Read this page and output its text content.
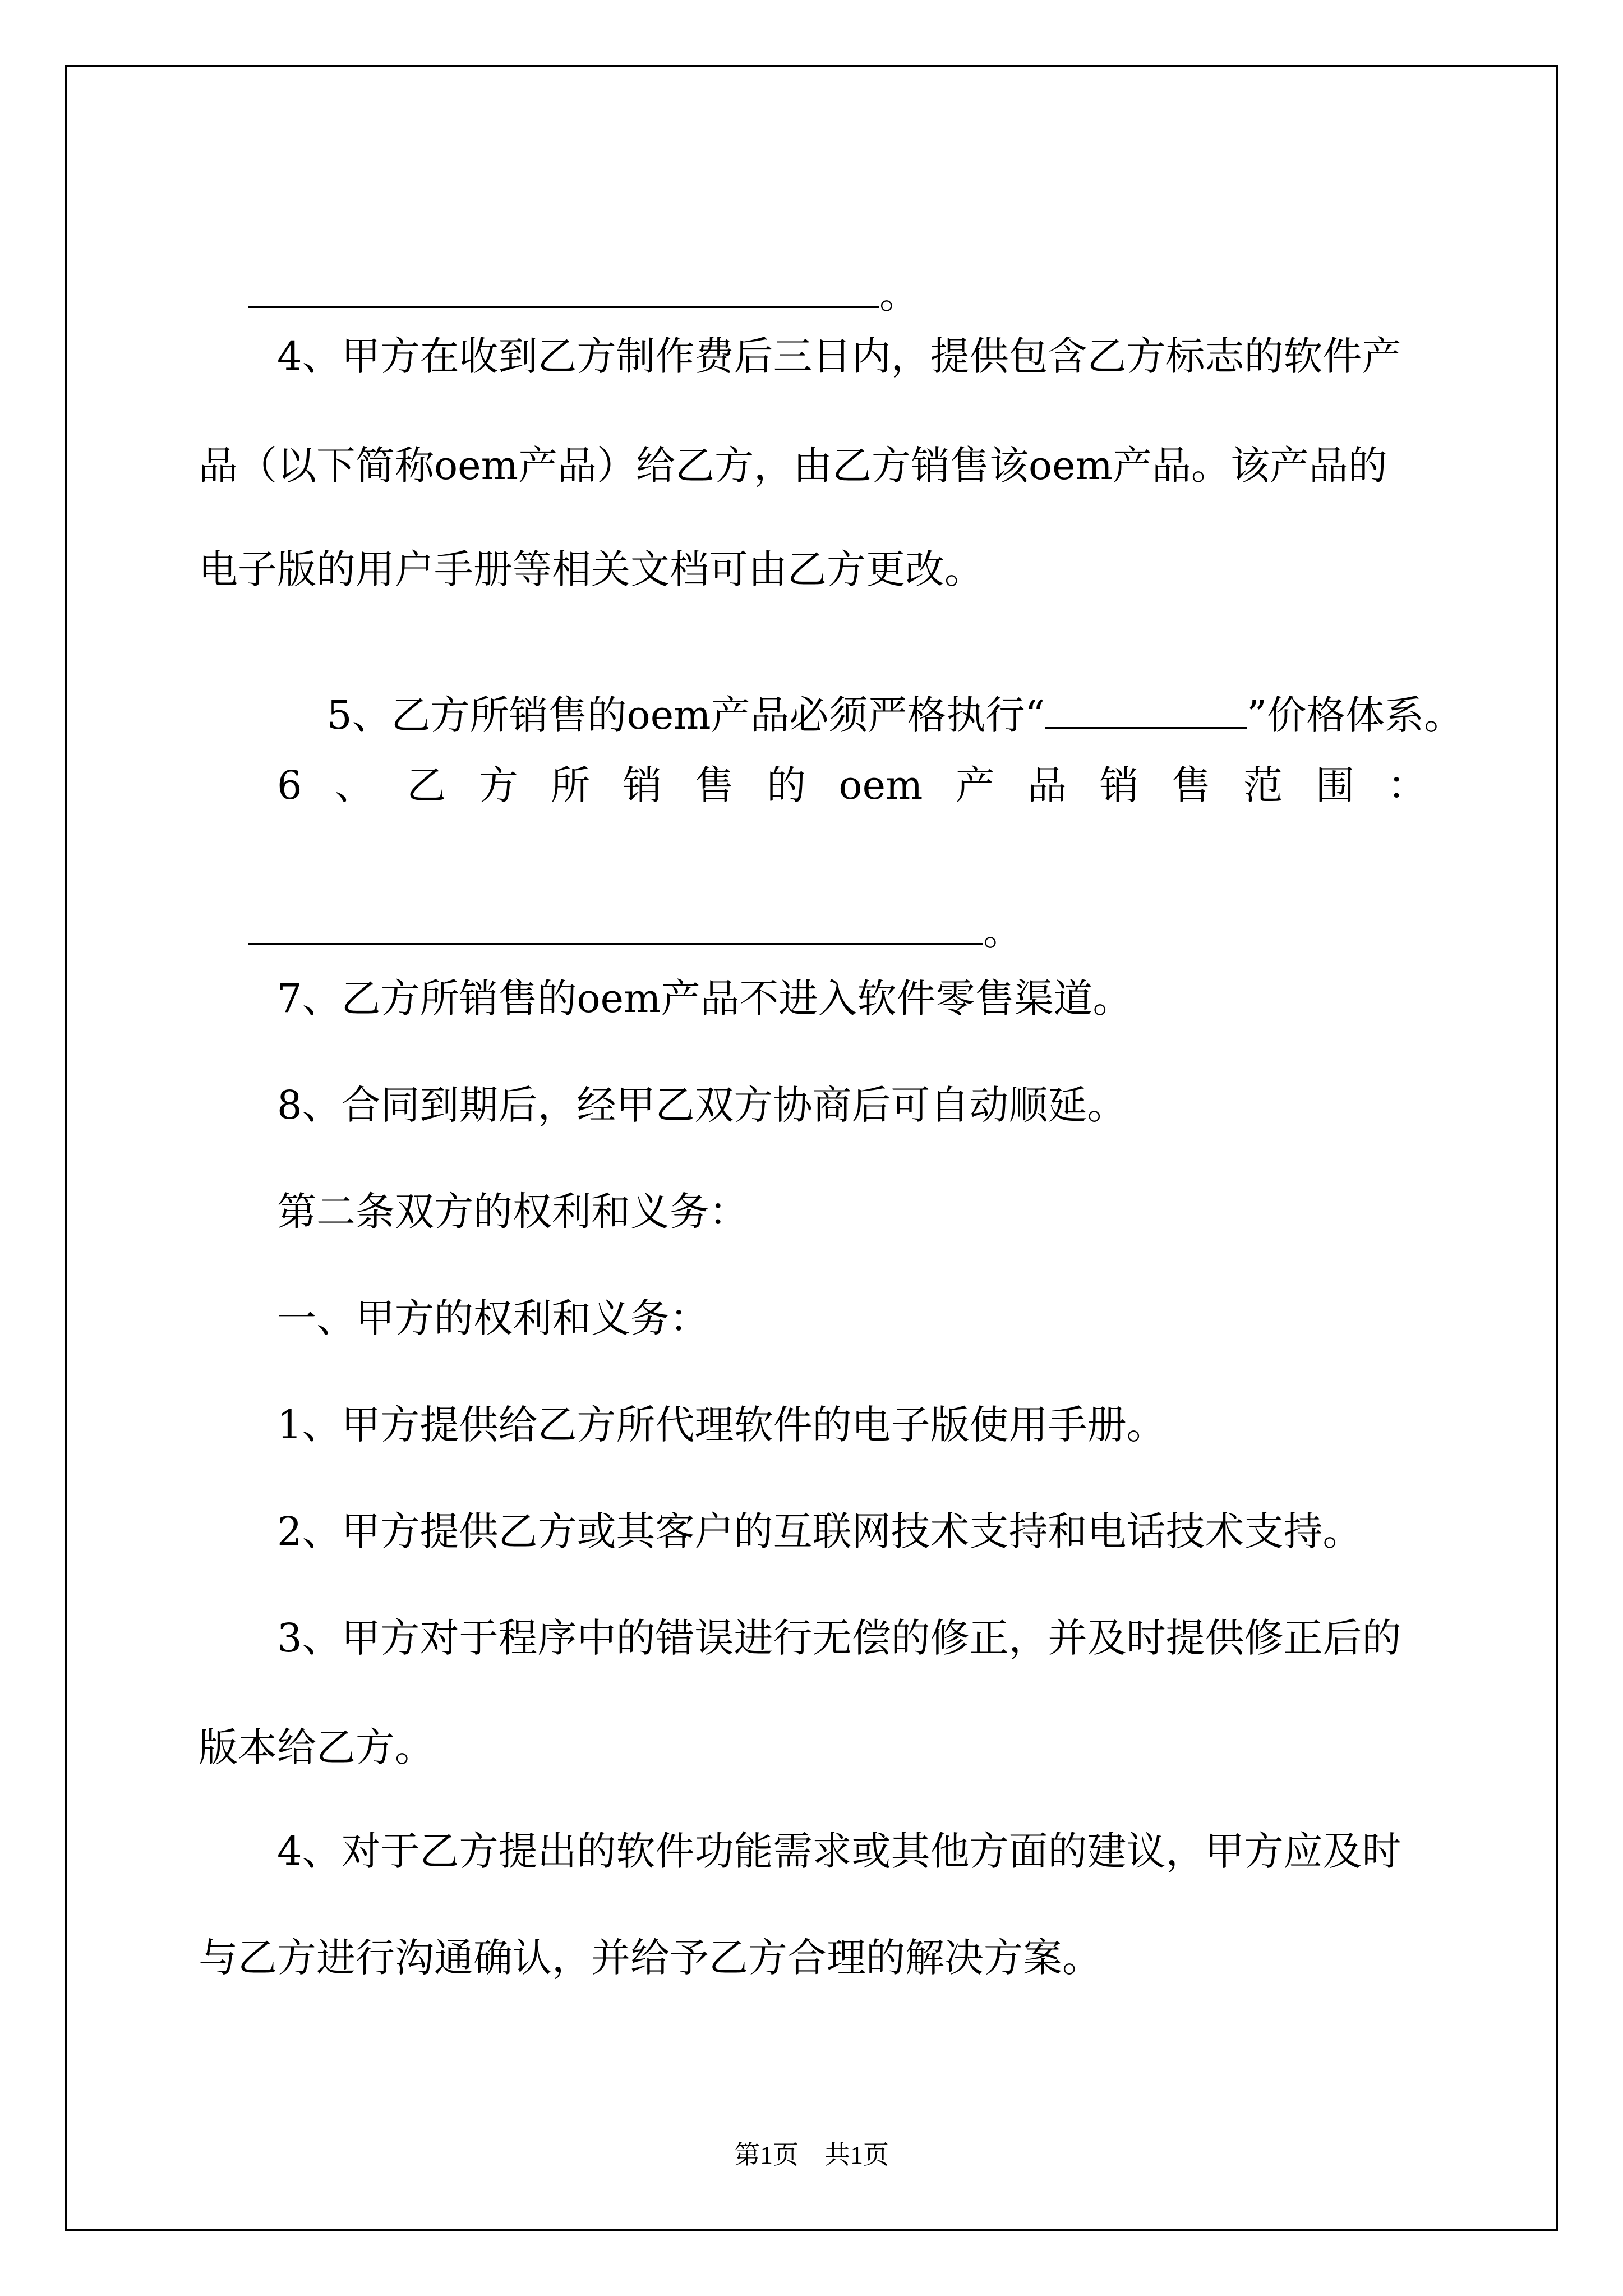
。

4、甲方在收到乙方制作费后三日内，提供包含乙方标志的软件产
品（以下简称oem产品）给乙方，由乙方销售该oem产品。该产品的
电子版的用户手册等相关文档可由乙方更改。

5、乙方所销售的oem产品必须严格执行“	”价格体系。

6 、 乙 方 所 销 售 的 oem 产 品 销 售 范 围 ：

。

7、乙方所销售的oem产品不进入软件零售渠道。
8、合同到期后，经甲乙双方协商后可自动顺延。
第二条双方的权利和义务：
一、甲方的权利和义务：
1、甲方提供给乙方所代理软件的电子版使用手册。
2、甲方提供乙方或其客户的互联网技术支持和电话技术支持。
3、甲方对于程序中的错误进行无偿的修正，并及时提供修正后的
版本给乙方。
4、对于乙方提出的软件功能需求或其他方面的建议，甲方应及时
与乙方进行沟通确认，并给予乙方合理的解决方案。
第1页　共1页
